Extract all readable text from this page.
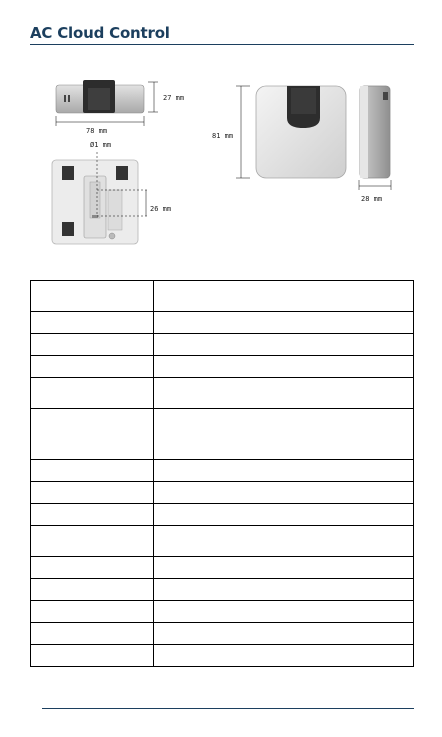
AC Cloud Control
27 mm
78 mm
Ø1 mm
26 mm
81 mm
28 mm
